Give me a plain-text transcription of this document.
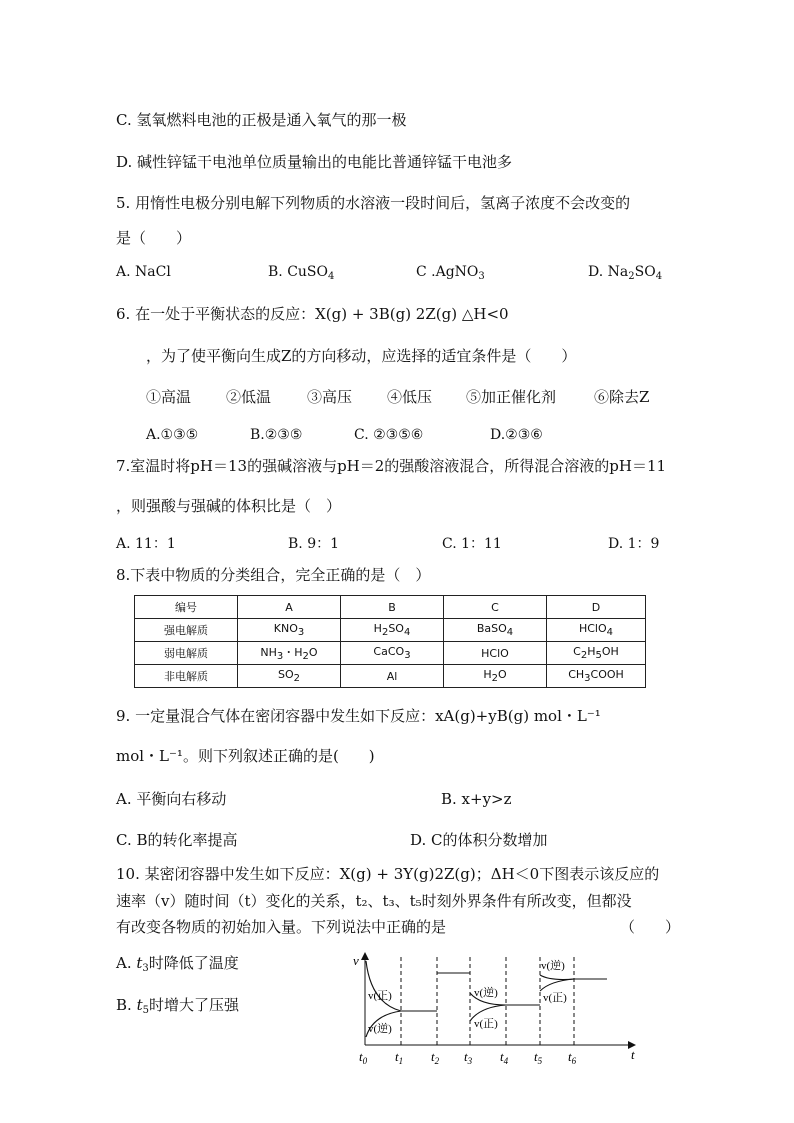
C. 氢氧燃料电池的正极是通入氧气的那一极
D. 碱性锌锰干电池单位质量输出的电能比普通锌锰干电池多
5. 用惰性电极分别电解下列物质的水溶液一段时间后，氢离子浓度不会改变的
是（　　）
A. NaCl	B. CuSO$_4$	C .AgNO$_3$	D. $Na_2SO_4$
6. 在一处于平衡状态的反应：X(g) + 3B(g) 2Z(g) △H<0
，为了使平衡向生成Z的方向移动，应选择的适宜条件是（　　）
①高温 ②低温 ③高压 ④低压 ⑤加正催化剂	⑥除去Z
A.①③⑤	B.②③⑤	C. ②③⑤⑥	D.②③⑥
7.室温时将pH＝13的强碱溶液与pH＝2的强酸溶液混合，所得混合溶液的pH＝11
，则强酸与强碱的体积比是（　）
A. 11：1	B. 9：1	C. 1：11	D. 1：9
8.下表中物质的分类组合，完全正确的是（　）
编号	A	B	C	D
强电解质	$KNO_3$	$H_2SO_4$	BaSO$_4$	HClO$_4$
弱电解质	$NH_3$・$H_2O$	CaCO$_3$	HClO	$C_2H_5OH$
非电解质	$SO_2$	Al	$H_2O$	$CH_3COOH$
9. 一定量混合气体在密闭容器中发生如下反应：xA(g)+yB(g) mol・L⁻¹
mol・L⁻¹。则下列叙述正确的是(　　)
A. 平衡向右移动	B. x+y>z
C. B的转化率提高	D. C的体积分数增加
10. 某密闭容器中发生如下反应：X(g) + 3Y(g)2Z(g)；ΔH＜0下图表示该反应的
速率（v）随时间（t）变化的关系，t₂、t₃、t₅时刻外界条件有所改变，但都没
有改变各物质的初始加入量。下列说法中正确的是	（　　）
A. $t_3$时降低了温度
B. $t_5$时增大了压强
v
t
v(正)
v(逆)
v(逆)
v(正)
v(逆)
v(正)
$t_0$ $t_1$ $t_2$ $t_3$ $t_4$ $t_5$ $t_6$
